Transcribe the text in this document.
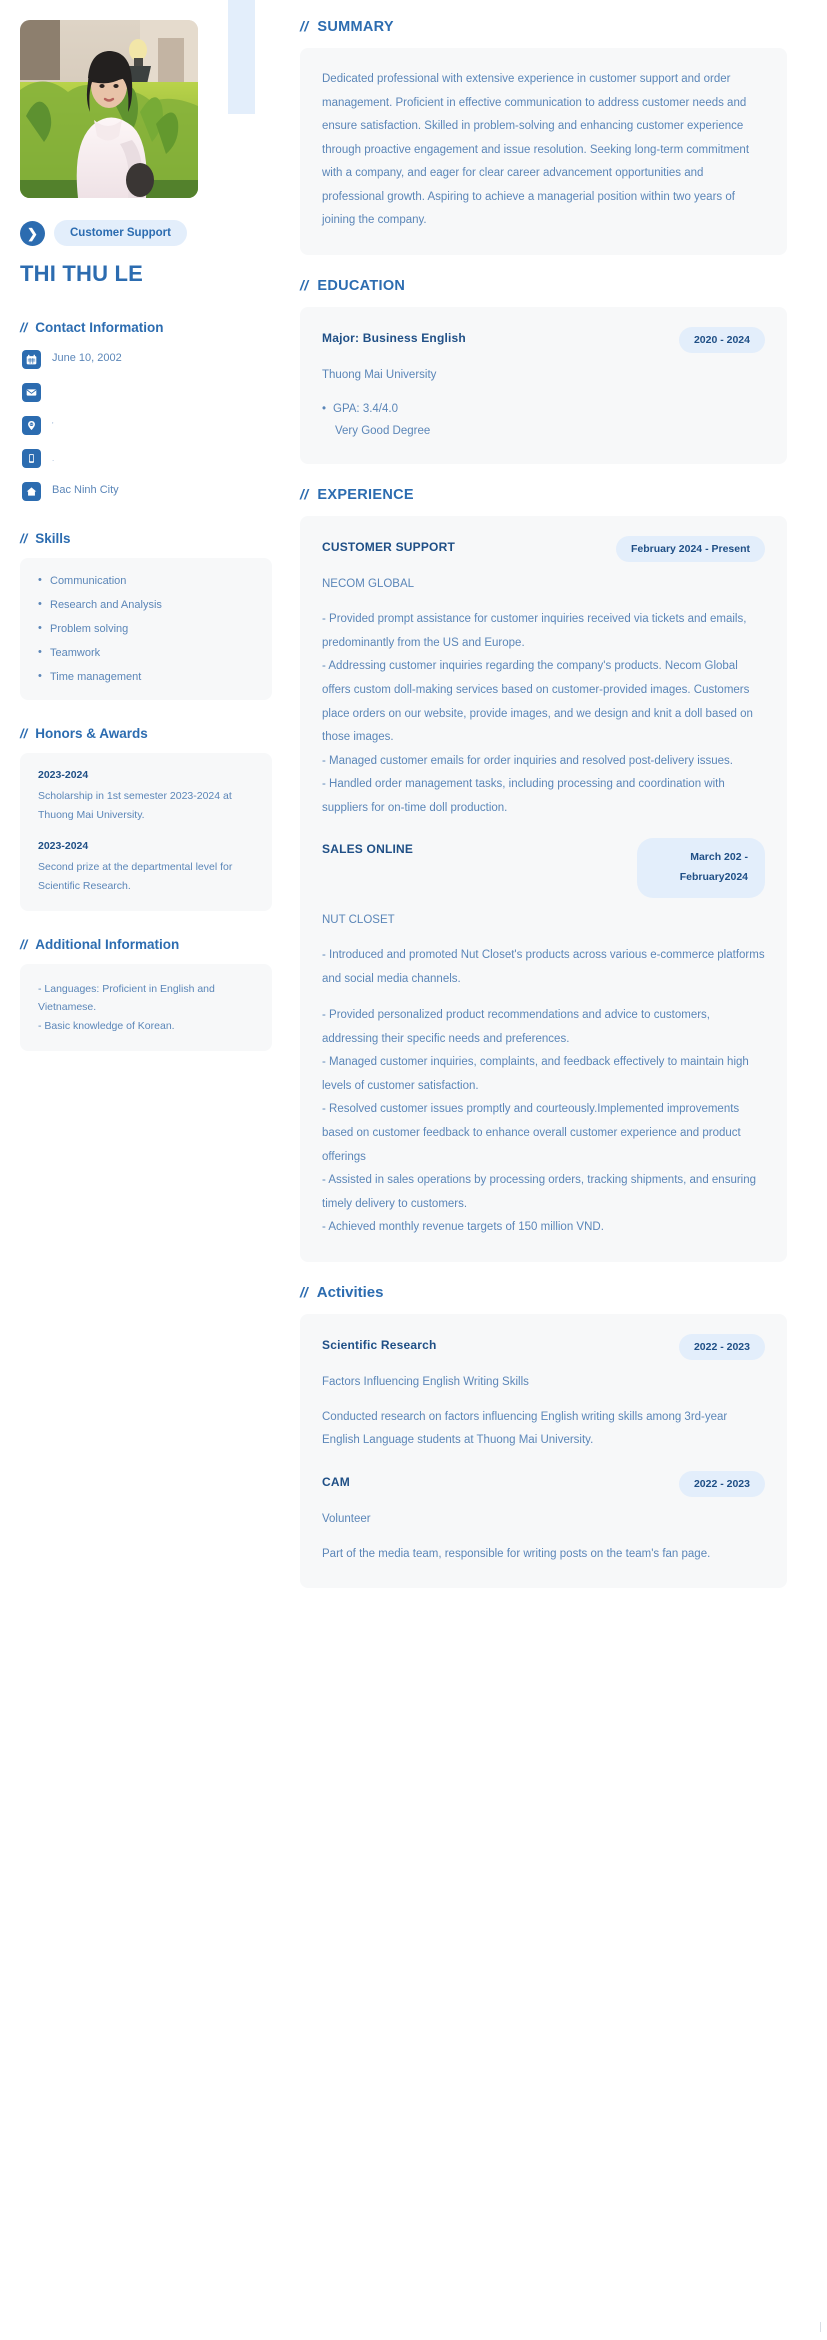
❯	Customer Support
THI THU LE
// Contact Information
June 10, 2002
'
.
Bac Ninh City
// Skills
• Communication
• Research and Analysis
• Problem solving
• Teamwork
• Time management
// Honors & Awards
2023-2024
Scholarship in 1st semester 2023-2024 at Thuong Mai University.
2023-2024
Second prize at the departmental level for Scientific Research.
// Additional Information
- Languages: Proficient in English and Vietnamese.
- Basic knowledge of Korean.
// SUMMARY
Dedicated professional with extensive experience in customer support and order management. Proficient in effective communication to address customer needs and ensure satisfaction. Skilled in problem-solving and enhancing customer experience through proactive engagement and issue resolution. Seeking long-term commitment with a company, and eager for clear career advancement opportunities and professional growth. Aspiring to achieve a managerial position within two years of joining the company.
// EDUCATION
Major: Business English	2020 - 2024
Thuong Mai University
• GPA: 3.4/4.0
Very Good Degree
// EXPERIENCE
CUSTOMER SUPPORT	February 2024 - Present
NECOM GLOBAL
- Provided prompt assistance for customer inquiries received via tickets and emails, predominantly from the US and Europe.
- Addressing customer inquiries regarding the company's products. Necom Global offers custom doll-making services based on customer-provided images. Customers place orders on our website, provide images, and we design and knit a doll based on those images.
- Managed customer emails for order inquiries and resolved post-delivery issues.
- Handled order management tasks, including processing and coordination with suppliers for on-time doll production.
SALES ONLINE
March 202 - February2024
NUT CLOSET
- Introduced and promoted Nut Closet's products across various e-commerce platforms and social media channels.
- Provided personalized product recommendations and advice to customers, addressing their specific needs and preferences.
- Managed customer inquiries, complaints, and feedback effectively to maintain high levels of customer satisfaction.
- Resolved customer issues promptly and courteously.Implemented improvements based on customer feedback to enhance overall customer experience and product offerings
- Assisted in sales operations by processing orders, tracking shipments, and ensuring timely delivery to customers.
- Achieved monthly revenue targets of 150 million VND.
// Activities
Scientific Research	2022 - 2023
Factors Influencing English Writing Skills
Conducted research on factors influencing English writing skills among 3rd-year English Language students at Thuong Mai University.
CAM	2022 - 2023
Volunteer
Part of the media team, responsible for writing posts on the team's fan page.
